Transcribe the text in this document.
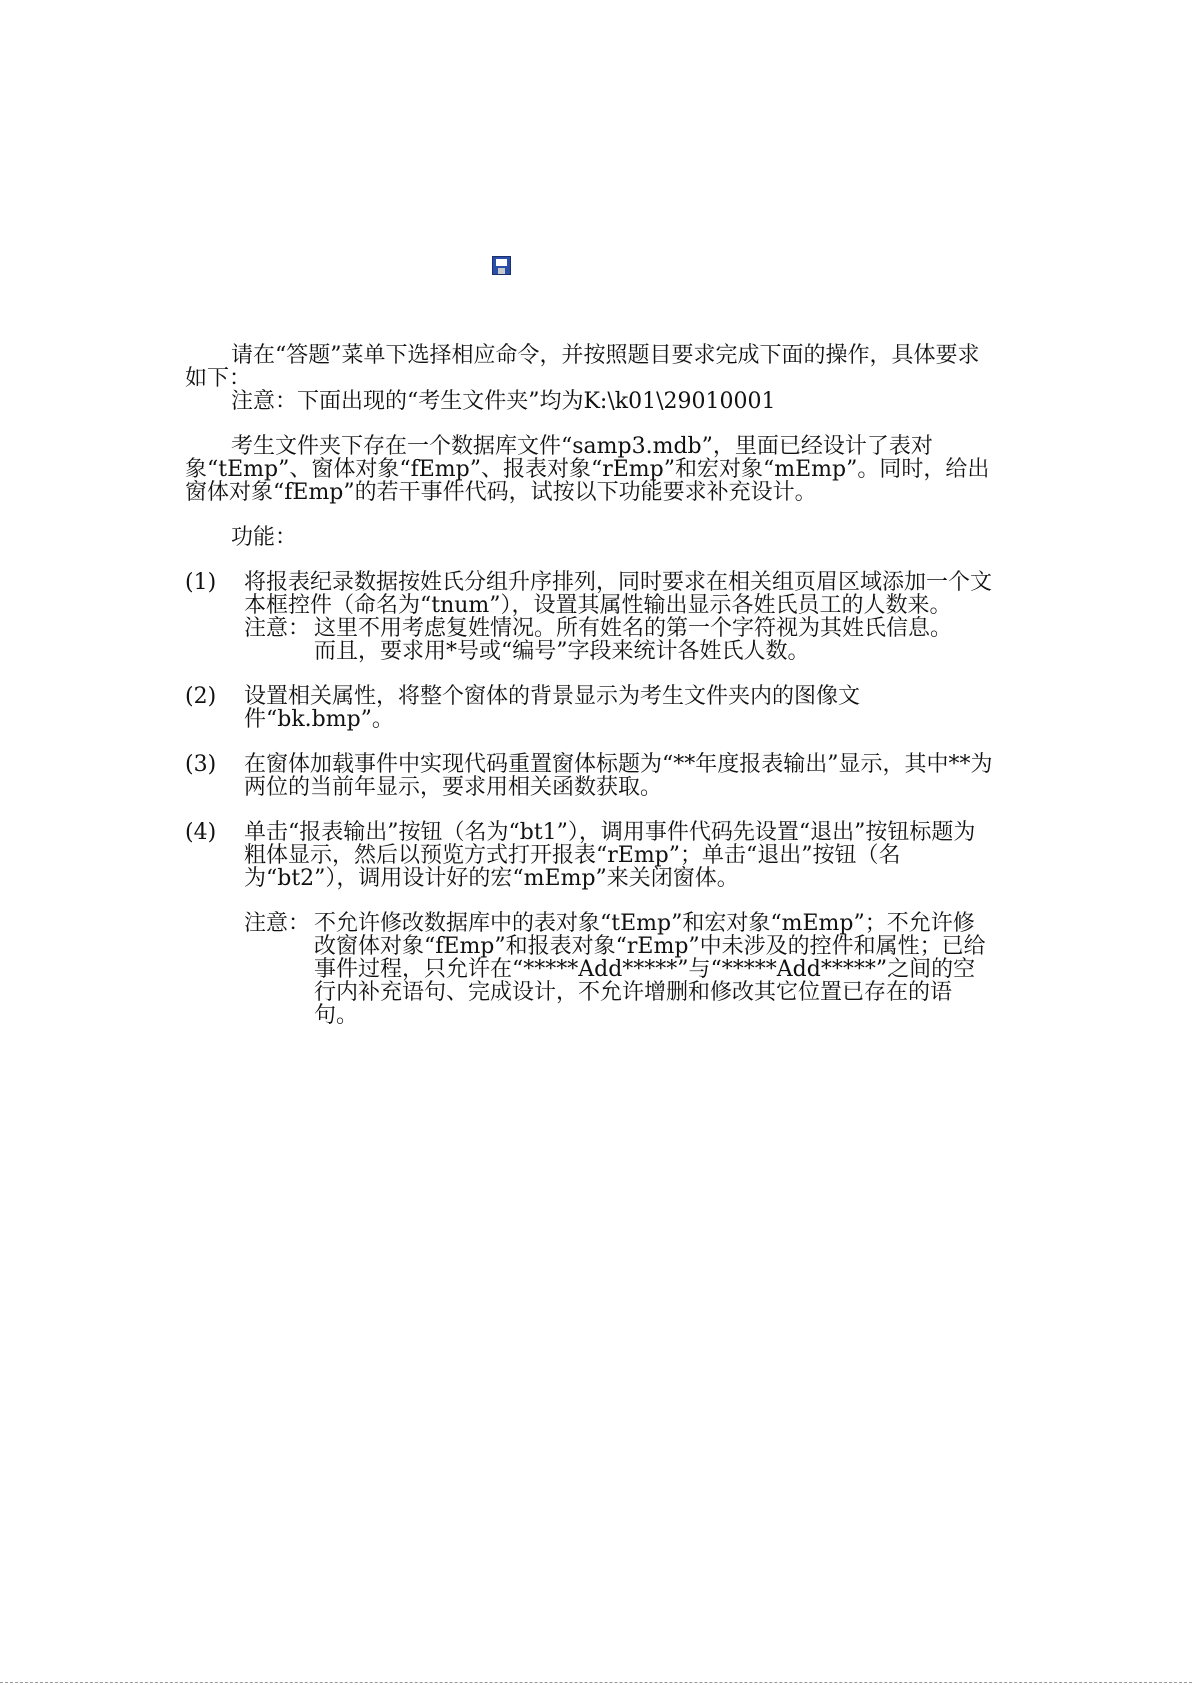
请在“答题”菜单下选择相应命令，并按照题目要求完成下面的操作，具体要求如下：

注意：下面出现的“考生文件夹”均为K:\k01\29010001

考生文件夹下存在一个数据库文件“samp3.mdb”，里面已经设计了表对象“tEmp”、窗体对象“fEmp”、报表对象“rEmp”和宏对象“mEmp”。同时，给出窗体对象“fEmp”的若干事件代码，试按以下功能要求补充设计。

功能：

(1)	将报表纪录数据按姓氏分组升序排列，同时要求在相关组页眉区域添加一个文本框控件（命名为“tnum”），设置其属性输出显示各姓氏员工的人数来。
注意： 这里不用考虑复姓情况。所有姓名的第一个字符视为其姓氏信息。
而且，要求用*号或“编号”字段来统计各姓氏人数。
(2)	设置相关属性，将整个窗体的背景显示为考生文件夹内的图像文件“bk.bmp”。
(3)	在窗体加载事件中实现代码重置窗体标题为“**年度报表输出”显示，其中**为两位的当前年显示，要求用相关函数获取。
(4)	单击“报表输出”按钮（名为“bt1”），调用事件代码先设置“退出”按钮标题为粗体显示，然后以预览方式打开报表“rEmp”；单击“退出”按钮（名为“bt2”），调用设计好的宏“mEmp”来关闭窗体。
注意： 不允许修改数据库中的表对象“tEmp”和宏对象“mEmp”；不允许修改窗体对象“fEmp”和报表对象“rEmp”中未涉及的控件和属性；已给事件过程，只允许在“*****Add*****”与“*****Add*****”之间的空行内补充语句、完成设计，不允许增删和修改其它位置已存在的语句。
